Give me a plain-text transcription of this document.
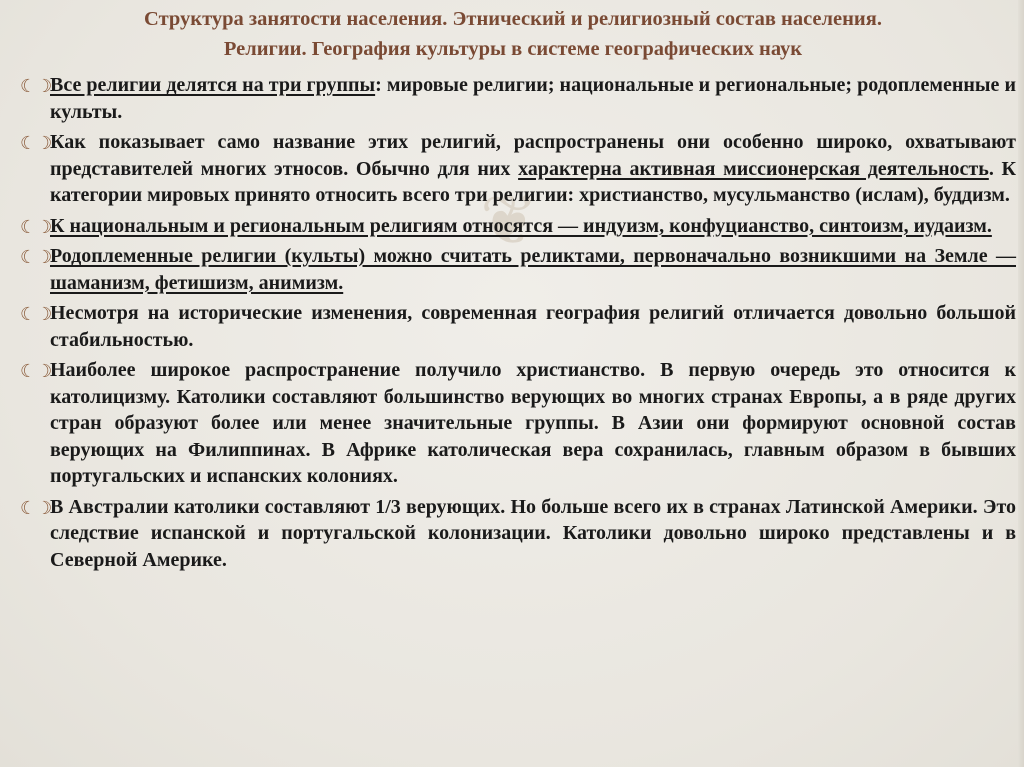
Структура занятости населения. Этнический и религиозный состав населения.
Религии. География культуры в системе географических наук
❦
☾☽
Все религии делятся на три группы: мировые религии; национальные и региональные; родоплеменные и культы.
☾☽
Как показывает само название этих религий, распространены они особенно широко, охватывают представителей многих этносов. Обычно для них характерна активная миссионерская деятельность. К категории мировых принято относить всего три религии: христианство, мусульманство (ислам), буддизм.
☾☽
К национальным и региональным религиям относятся — индуизм, конфуцианство, синтоизм, иудаизм.
☾☽
Родоплеменные религии (культы) можно считать реликтами, первоначально возникшими на Земле — шаманизм, фетишизм, анимизм.
☾☽
Несмотря на исторические изменения, современная география религий отличается довольно большой стабильностью.
☾☽
Наиболее широкое распространение получило христианство. В первую очередь это относится к католицизму. Католики составляют большинство верующих во многих странах Европы, а в ряде других стран образуют более или менее значительные группы. В Азии они формируют основной состав верующих на Филиппинах. В Африке католическая вера сохранилась, главным образом в бывших португальских и испанских колониях.
☾☽
В Австралии католики составляют 1/3 верующих. Но больше всего их в странах Латинской Америки. Это следствие испанской и португальской колонизации. Католики довольно широко представлены и в Северной Америке.
